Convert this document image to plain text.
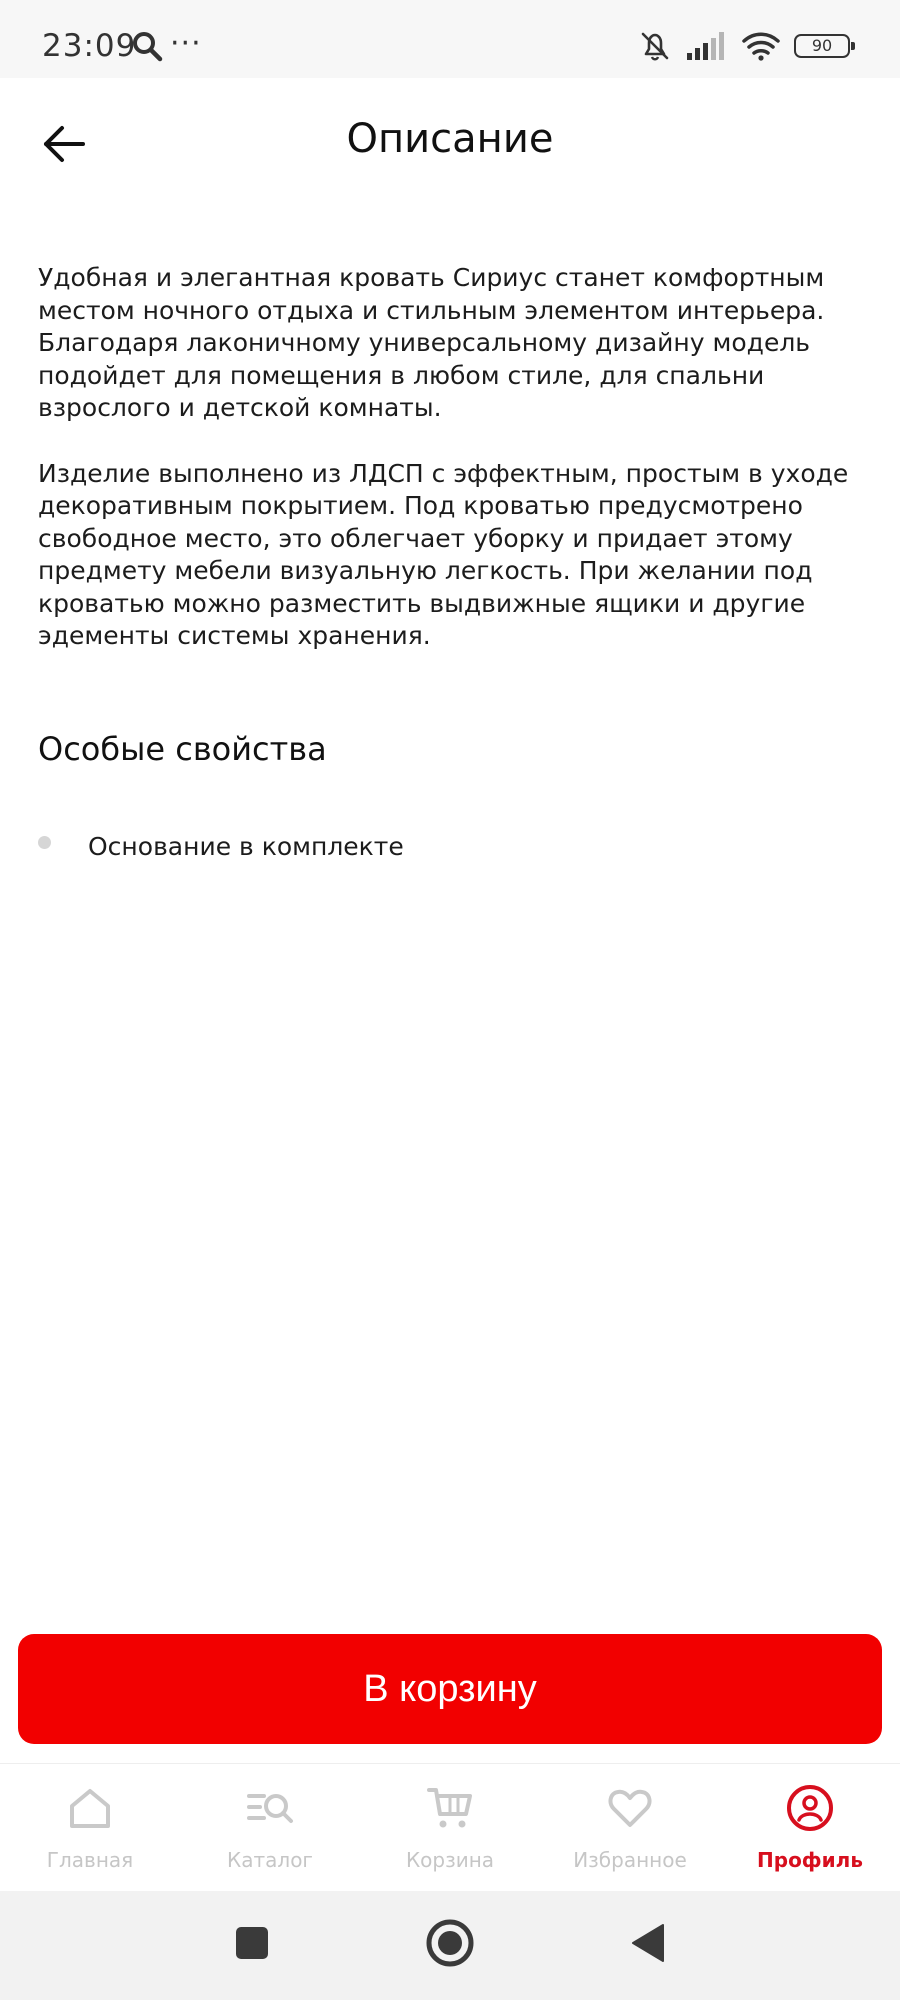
23:09 ···	90
Описание

Удобная и элегантная кровать Сириус станет комфортным местом ночного отдыха и стильным элементом интерьера. Благодаря лаконичному универсальному дизайну модель подойдет для помещения в любом стиле, для спальни взрослого и детской комнаты.

Изделие выполнено из ЛДСП с эффектным, простым в уходе декоративным покрытием. Под кроватью предусмотрено свободное место, это облегчает уборку и придает этому предмету мебели визуальную легкость. При желании под кроватью можно разместить выдвижные ящики и другие эдементы системы хранения.

Особые свойства
Основание в комплекте
В корзину
Главная	Каталог	Корзина	Избранное	Профиль
